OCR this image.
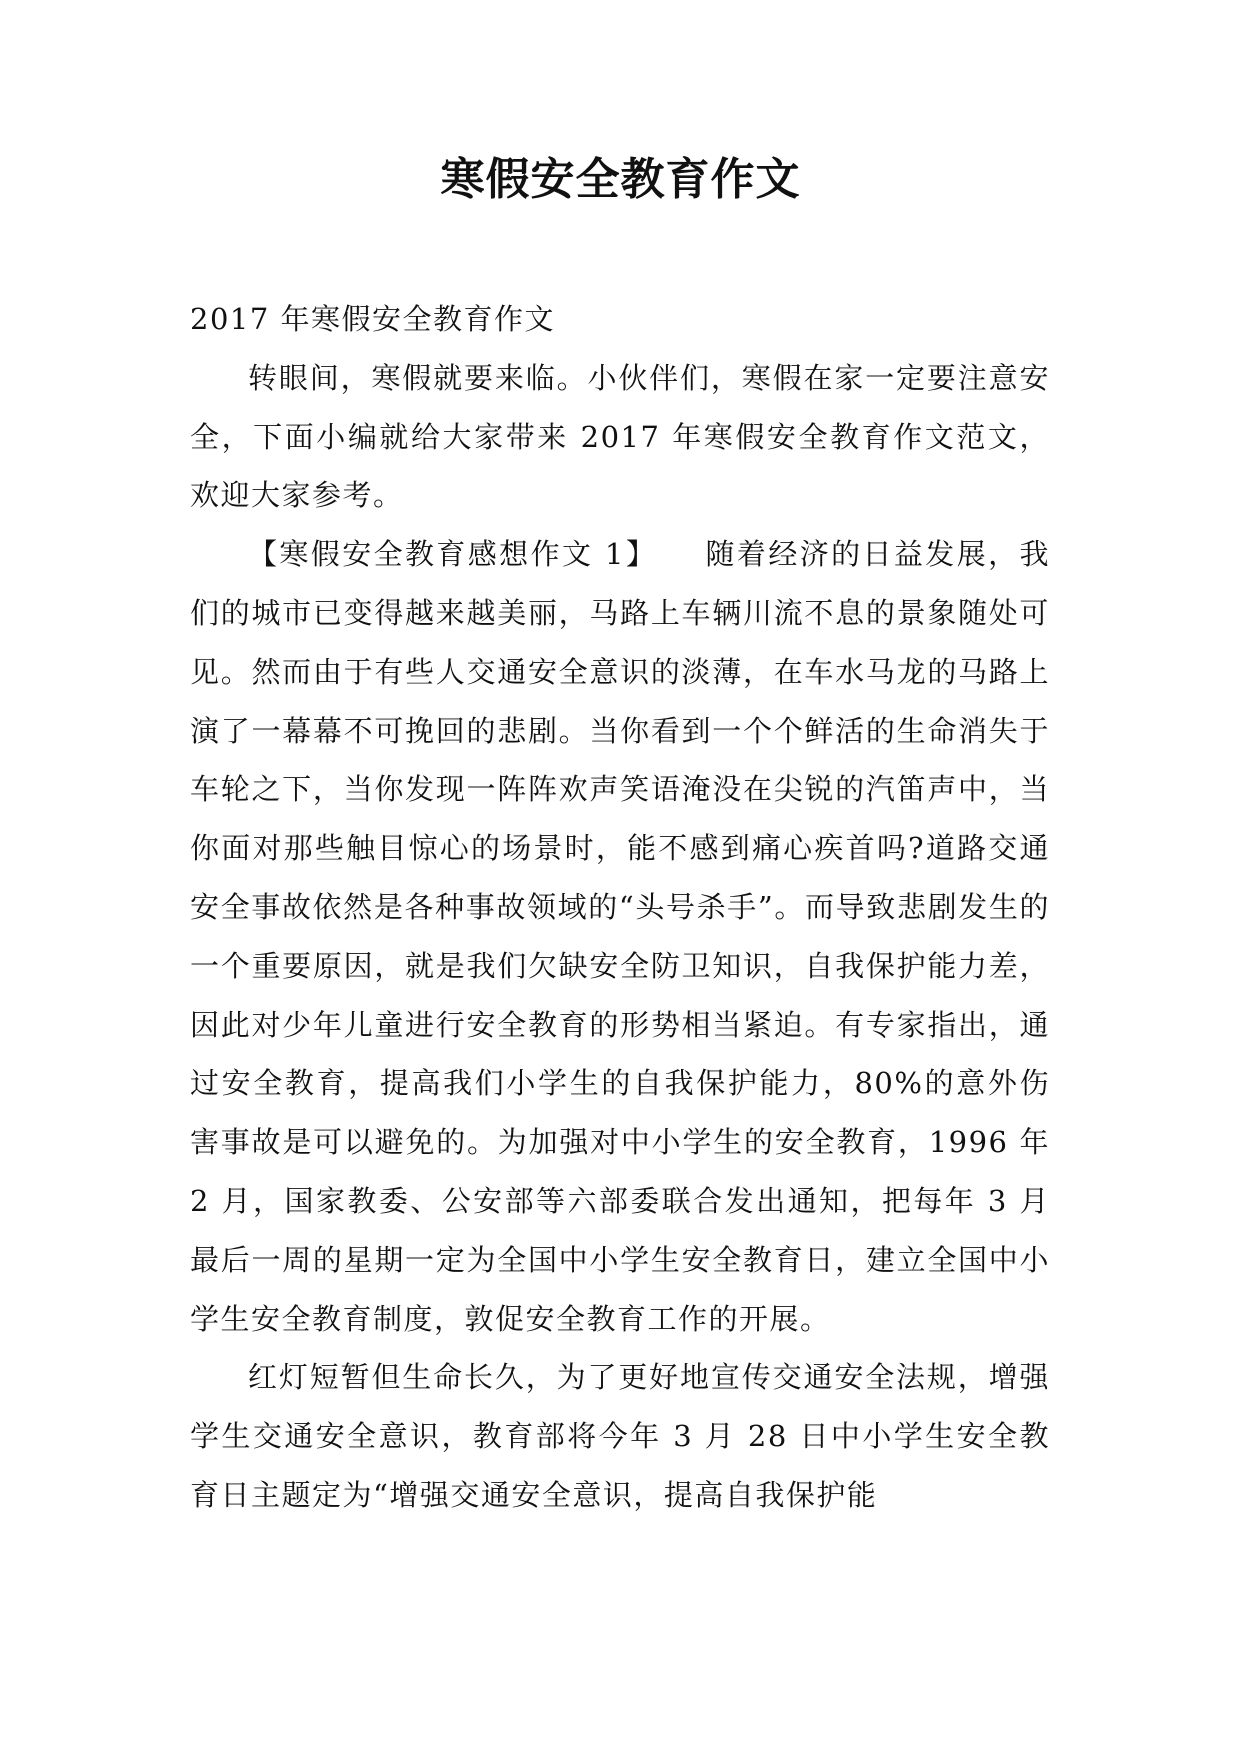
寒假安全教育作文

2017 年寒假安全教育作文

转眼间，寒假就要来临。小伙伴们，寒假在家一定要注意安全，下面小编就给大家带来 2017 年寒假安全教育作文范文，欢迎大家参考。

【寒假安全教育感想作文 1】　　随着经济的日益发展，我们的城市已变得越来越美丽，马路上车辆川流不息的景象随处可见。然而由于有些人交通安全意识的淡薄，在车水马龙的马路上演了一幕幕不可挽回的悲剧。当你看到一个个鲜活的生命消失于车轮之下，当你发现一阵阵欢声笑语淹没在尖锐的汽笛声中，当你面对那些触目惊心的场景时，能不感到痛心疾首吗?道路交通安全事故依然是各种事故领域的“头号杀手”。而导致悲剧发生的一个重要原因，就是我们欠缺安全防卫知识，自我保护能力差，因此对少年儿童进行安全教育的形势相当紧迫。有专家指出，通过安全教育，提高我们小学生的自我保护能力，80%的意外伤害事故是可以避免的。为加强对中小学生的安全教育，1996 年 2 月，国家教委、公安部等六部委联合发出通知，把每年 3 月最后一周的星期一定为全国中小学生安全教育日，建立全国中小学生安全教育制度，敦促安全教育工作的开展。

红灯短暂但生命长久，为了更好地宣传交通安全法规，增强学生交通安全意识，教育部将今年 3 月 28 日中小学生安全教育日主题定为“增强交通安全意识，提高自我保护能
